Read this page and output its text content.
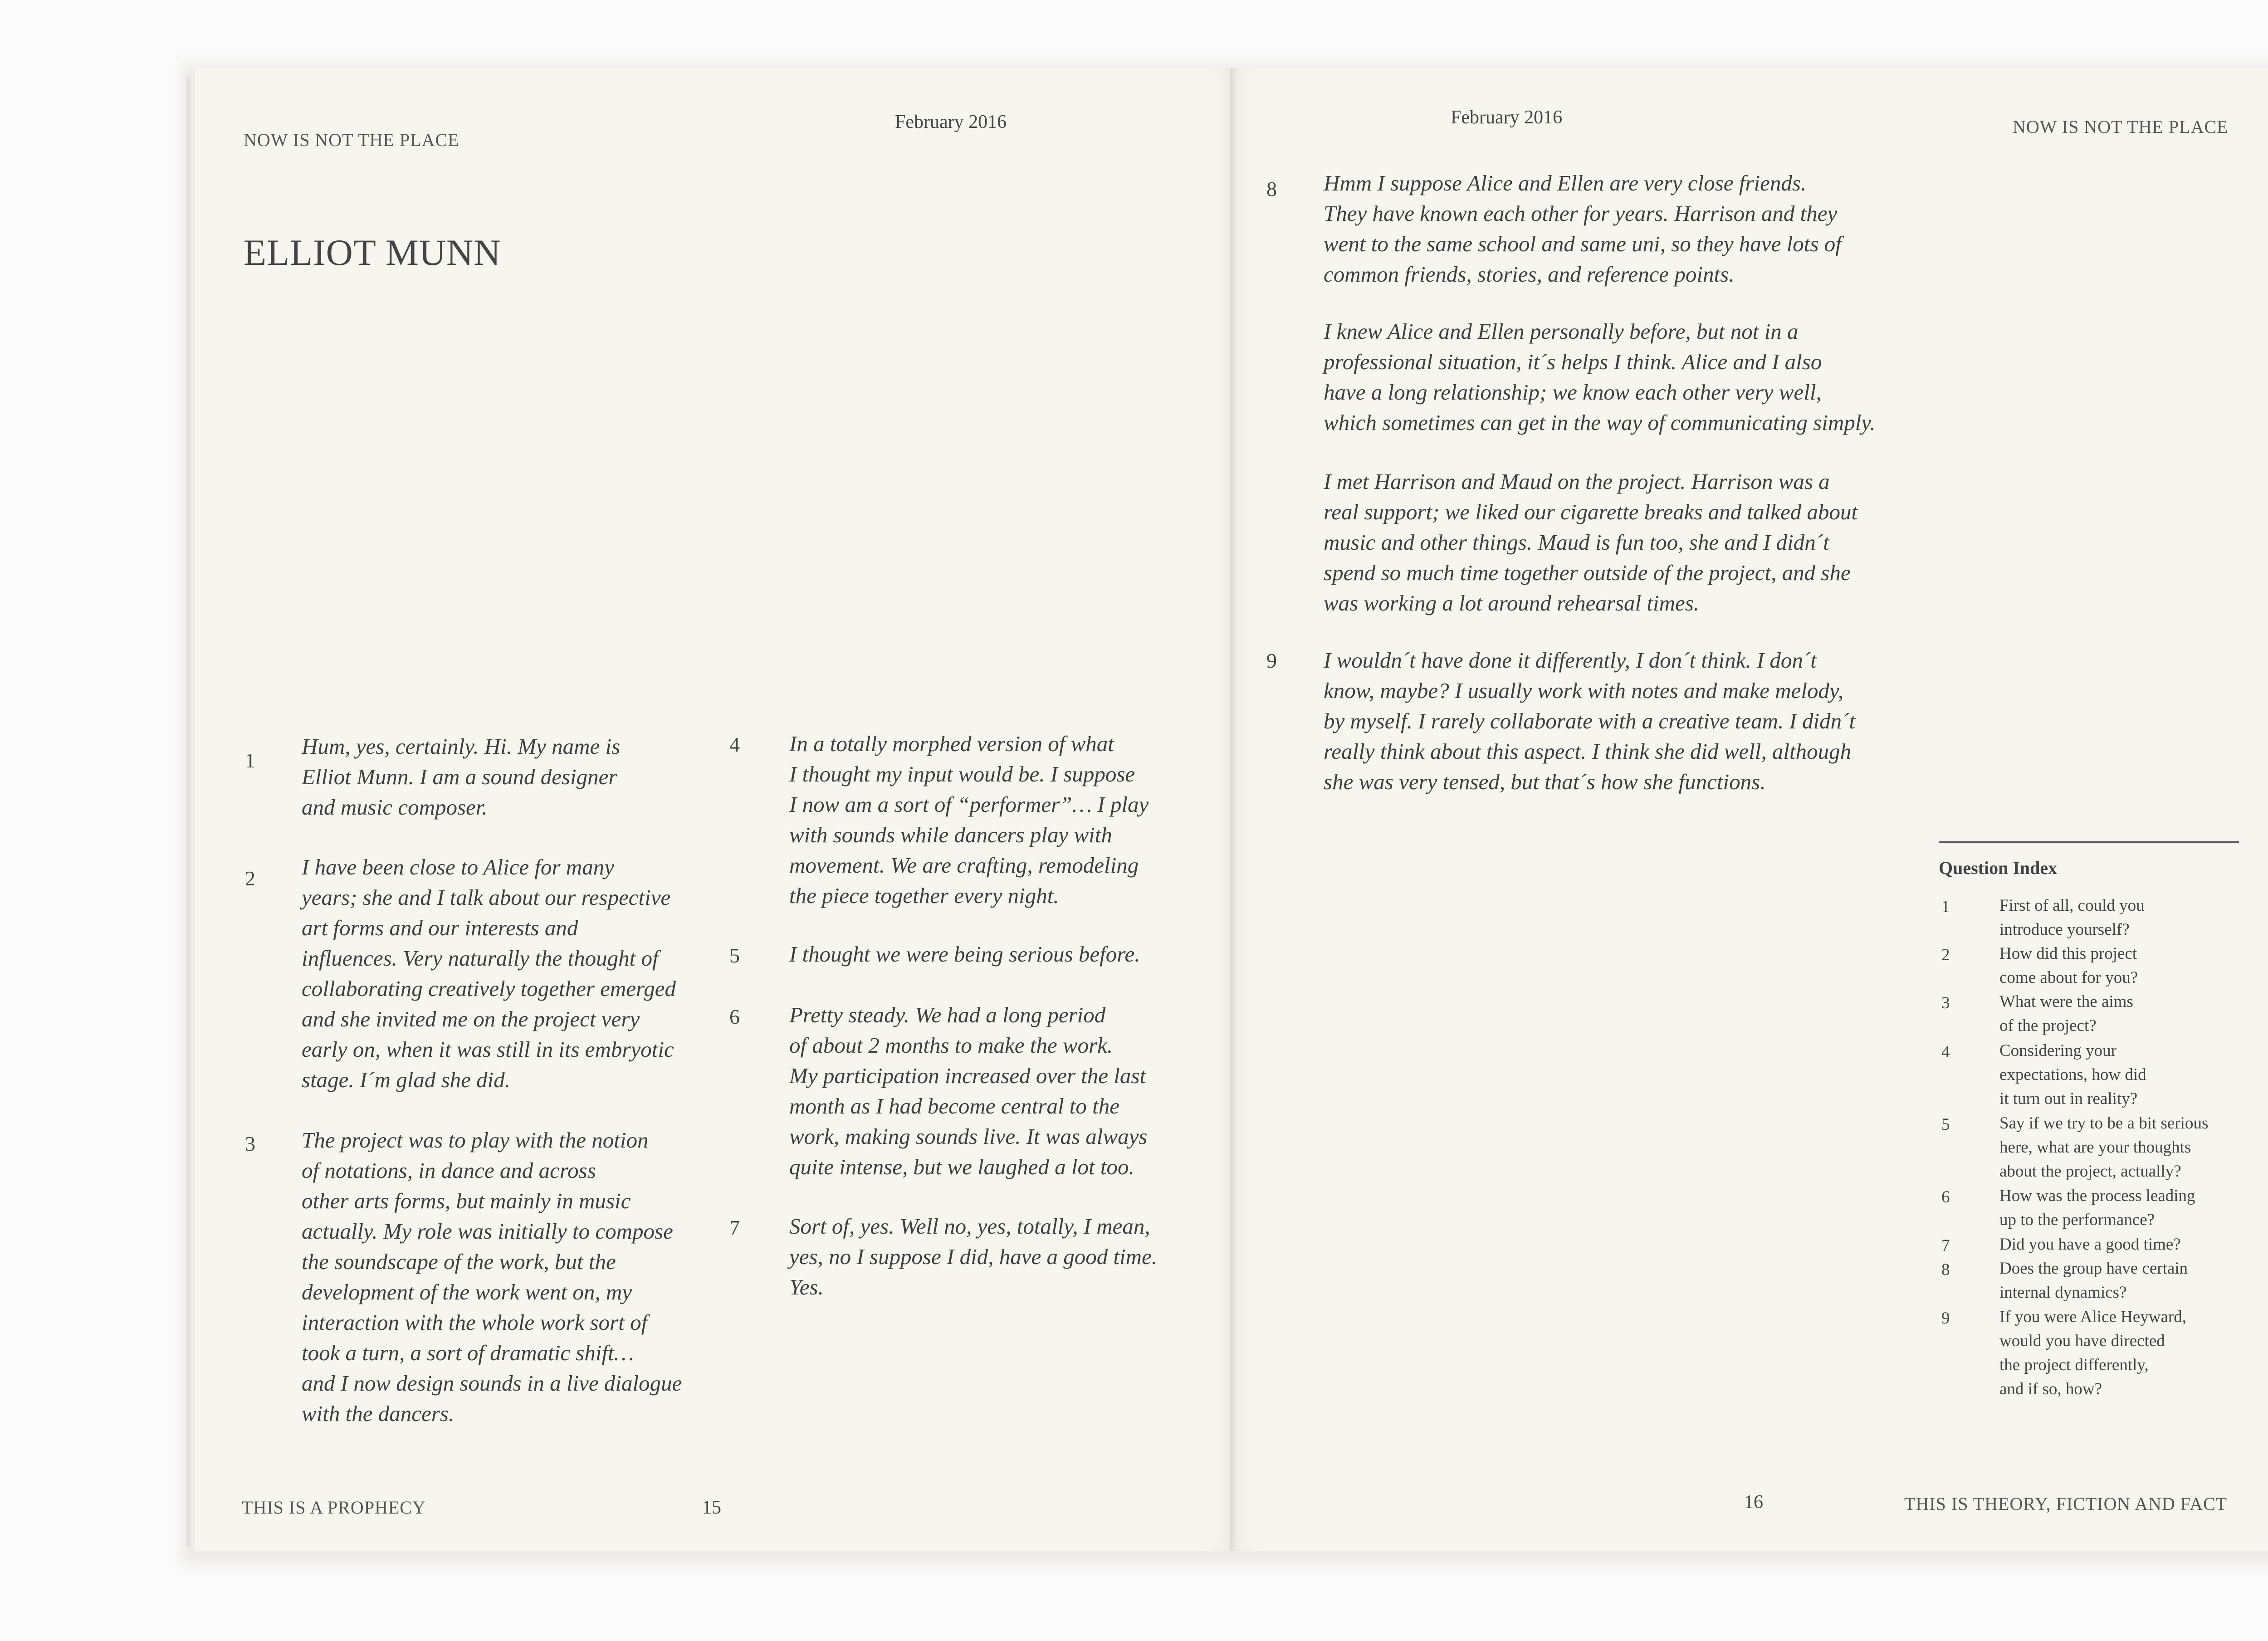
NOW IS NOT THE PLACE
February 2016
ELLIOT MUNN
1
Hum, yes, certainly. Hi. My name is
Elliot Munn. I am a sound designer
and music composer.
2 I have been close to Alice for many
years; she and I talk about our respective
art forms and our interests and
influences. Very naturally the thought of
collaborating creatively together emerged
and she invited me on the project very
early on, when it was still in its embryotic
stage. I´m glad she did.
3 The project was to play with the notion
of notations, in dance and across
other arts forms, but mainly in music
actually. My role was initially to compose
the soundscape of the work, but the
development of the work went on, my
interaction with the whole work sort of
took a turn, a sort of dramatic shift…
and I now design sounds in a live dialogue
with the dancers.
4 In a totally morphed version of what
I thought my input would be. I suppose
I now am a sort of “performer”… I play
with sounds while dancers play with
movement. We are crafting, remodeling
the piece together every night.
5 I thought we were being serious before.
6 Pretty steady. We had a long period
of about 2 months to make the work.
My participation increased over the last
month as I had become central to the
work, making sounds live. It was always
quite intense, but we laughed a lot too.
7 Sort of, yes. Well no, yes, totally, I mean,
yes, no I suppose I did, have a good time.
Yes.
THIS IS A PROPHECY	15
February 2016	NOW IS NOT THE PLACE
8 Hmm I suppose Alice and Ellen are very close friends.
They have known each other for years. Harrison and they
went to the same school and same uni, so they have lots of
common friends, stories, and reference points.
I knew Alice and Ellen personally before, but not in a
professional situation, it´s helps I think. Alice and I also
have a long relationship; we know each other very well,
which sometimes can get in the way of communicating simply.
I met Harrison and Maud on the project. Harrison was a
real support; we liked our cigarette breaks and talked about
music and other things. Maud is fun too, she and I didn´t
spend so much time together outside of the project, and she
was working a lot around rehearsal times.
9 I wouldn´t have done it differently, I don´t think. I don´t
know, maybe? I usually work with notes and make melody,
by myself. I rarely collaborate with a creative team. I didn´t
really think about this aspect. I think she did well, although
she was very tensed, but that´s how she functions.
Question Index
1	First of all, could you
introduce yourself?
2	How did this project
come about for you?
3	What were the aims
of the project?
4	Considering your
expectations, how did
it turn out in reality?
5	Say if we try to be a bit serious
here, what are your thoughts
about the project, actually?
6	How was the process leading
up to the performance?
7	Did you have a good time?
8	Does the group have certain
internal dynamics?
9	If you were Alice Heyward,
would you have directed
the project differently,
and if so, how?
16	THIS IS THEORY, FICTION AND FACT
